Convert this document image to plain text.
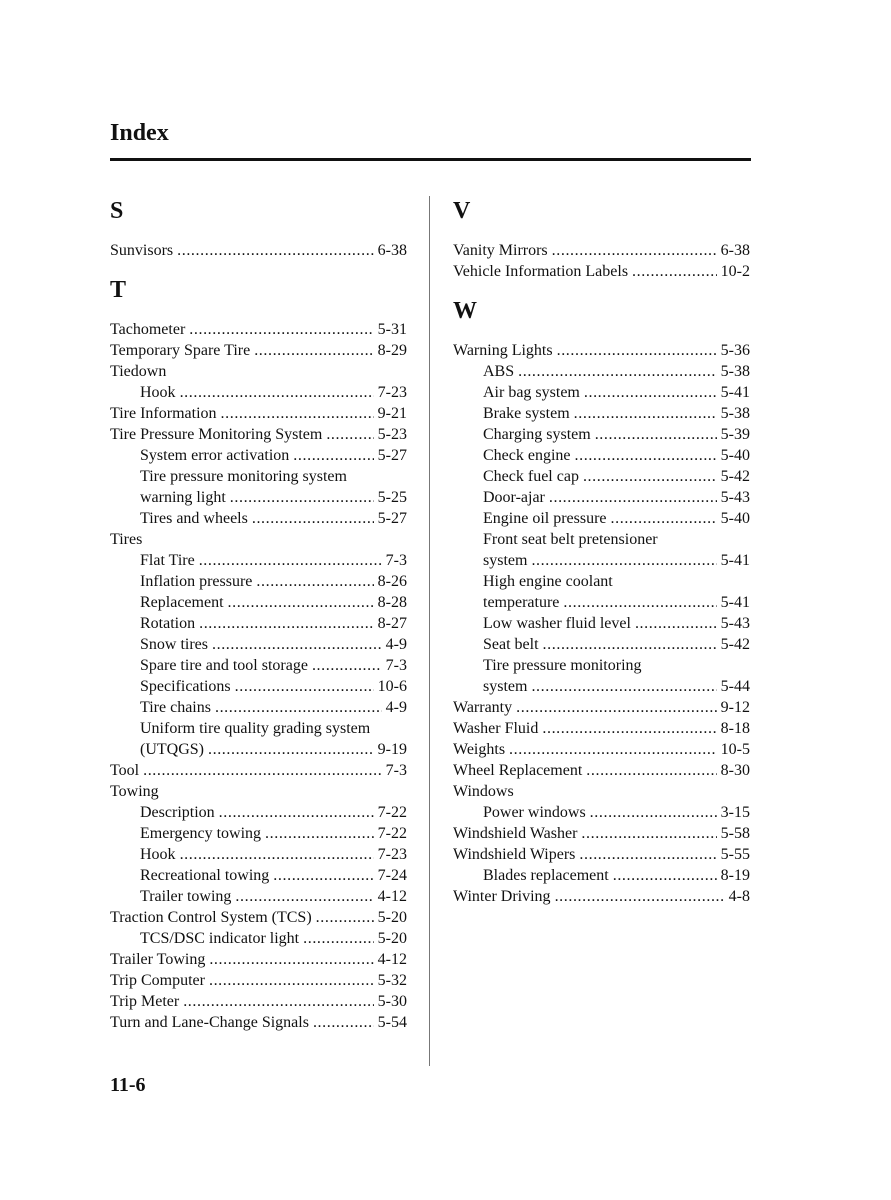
Index
S
Sunvisors .....	6-38
T
Tachometer .....	5-31
Temporary Spare Tire .....	8-29
Tiedown
Hook .....	7-23
Tire Information .....	9-21
Tire Pressure Monitoring System .....	5-23
System error activation .....	5-27
Tire pressure monitoring system
warning light .....	5-25
Tires and wheels .....	5-27
Tires
Flat Tire .....	7-3
Inflation pressure .....	8-26
Replacement .....	8-28
Rotation .....	8-27
Snow tires .....	4-9
Spare tire and tool storage .....	7-3
Specifications .....	10-6
Tire chains .....	4-9
Uniform tire quality grading system
(UTQGS) .....	9-19
Tool .....	7-3
Towing
Description .....	7-22
Emergency towing .....	7-22
Hook .....	7-23
Recreational towing .....	7-24
Trailer towing .....	4-12
Traction Control System (TCS) .....	5-20
TCS/DSC indicator light .....	5-20
Trailer Towing .....	4-12
Trip Computer .....	5-32
Trip Meter .....	5-30
Turn and Lane-Change Signals .....	5-54
V
Vanity Mirrors .....	6-38
Vehicle Information Labels .....	10-2
W
Warning Lights .....	5-36
ABS .....	5-38
Air bag system .....	5-41
Brake system .....	5-38
Charging system .....	5-39
Check engine .....	5-40
Check fuel cap .....	5-42
Door-ajar .....	5-43
Engine oil pressure .....	5-40
Front seat belt pretensioner
system .....	5-41
High engine coolant
temperature .....	5-41
Low washer fluid level .....	5-43
Seat belt .....	5-42
Tire pressure monitoring
system .....	5-44
Warranty .....	9-12
Washer Fluid .....	8-18
Weights .....	10-5
Wheel Replacement .....	8-30
Windows
Power windows .....	3-15
Windshield Washer .....	5-58
Windshield Wipers .....	5-55
Blades replacement .....	8-19
Winter Driving .....	4-8
11-6
